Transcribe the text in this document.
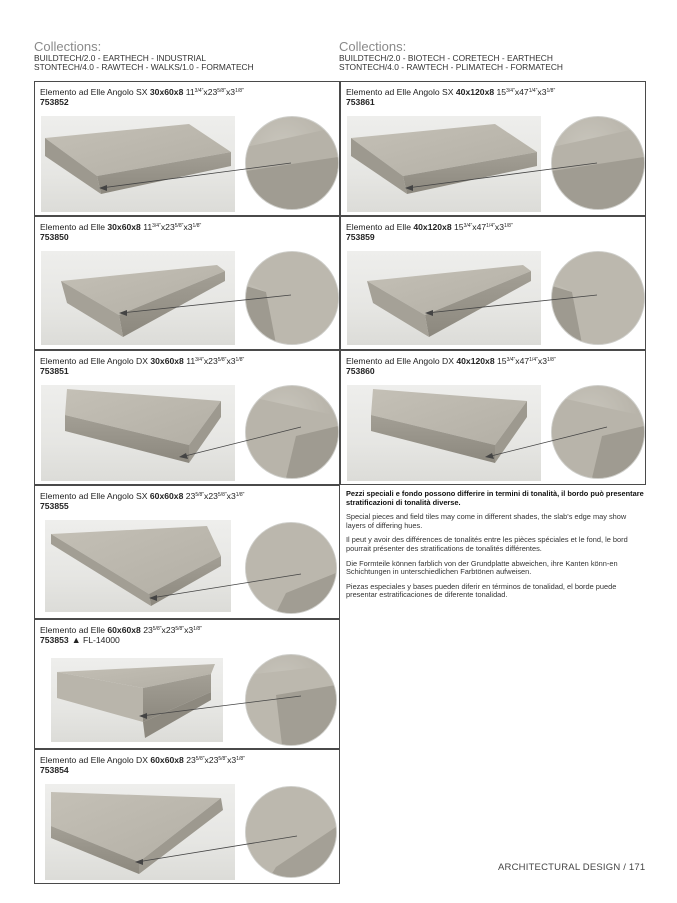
Collections:
BUILDTECH/2.0 - EARTHECH - INDUSTRIAL
STONTECH/4.0 - RAWTECH - WALKS/1.0 - FORMATECH
Collections:
BUILDTECH/2.0 - BIOTECH - CORETECH - EARTHECH
STONTECH/4.0 - RAWTECH - PLIMATECH - FORMATECH
Elemento ad Elle Angolo SX 30x60x8 $11^{3/4"}x23^{5/8"}x3^{1/8"}$
753852
Elemento ad Elle Angolo SX 40x120x8 $15^{3/4"}x47^{1/4"}x3^{1/8"}$
753861
Elemento ad Elle 30x60x8 $11^{3/4"}x23^{5/8"}x3^{1/8"}$
753850
Elemento ad Elle 40x120x8 $15^{3/4"}x47^{1/4"}x3^{1/8"}$
753859
Elemento ad Elle Angolo DX 30x60x8 $11^{3/4"}x23^{5/8"}x3^{1/8"}$
753851
Elemento ad Elle Angolo DX 40x120x8 $15^{3/4"}x47^{1/4"}x3^{1/8"}$
753860
Elemento ad Elle Angolo SX 60x60x8 $23^{5/8"}x23^{5/8"}x3^{1/8"}$
753855

Pezzi speciali e fondo possono differire in termini di tonalità, il bordo può presentare stratificazioni di tonalità diverse.

Special pieces and field tiles may come in different shades, the slab's edge may show layers of differing hues.

Il peut y avoir des différences de tonalités entre les pièces spéciales et le fond, le bord pourrait présenter des stratifications de tonalités différentes.

Die Formteile können farblich von der Grundplatte abweichen, ihre Kanten könn-en Schichtungen in unterschiedlichen Farbtönen aufweisen.

Piezas especiales y bases pueden diferir en términos de tonalidad, el borde puede presentar estratificaciones de diferente tonalidad.

Elemento ad Elle 60x60x8 $23^{5/8"}x23^{5/8"}x3^{1/8"}$
753853 ▲ FL-14000
Elemento ad Elle Angolo DX 60x60x8 $23^{5/8"}x23^{5/8"}x3^{1/8"}$
753854
ARCHITECTURAL DESIGN / 171
